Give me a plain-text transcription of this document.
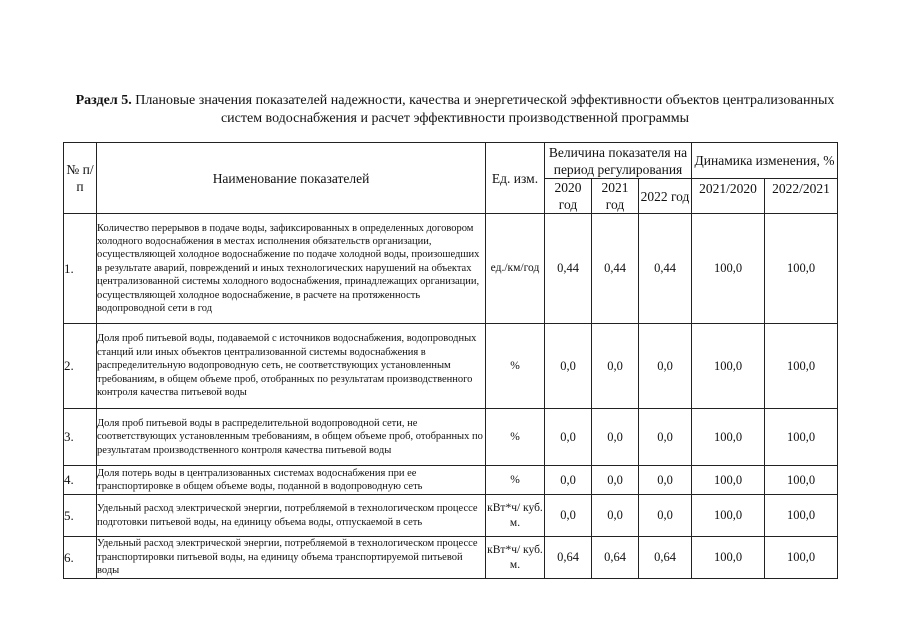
Раздел 5. Плановые значения показателей надежности, качества и энергетической эффективности объектов централизованных систем водоснабжения и расчет эффективности производственной программы
№ п/п	Наименование показателей	Ед. изм.	Величина показателя на период регулирования			Динамика изменения, %	
			2020 год	2021 год	2022 год	2021/2020	2022/2021
1.	Количество перерывов в подаче воды, зафиксированных в определенных договором холодного водоснабжения в местах исполнения обязательств организации, осуществляющей холодное водоснабжение по подаче холодной воды, произошедших в результате аварий, повреждений и иных технологических нарушений на объектах централизованной системы холодного водоснабжения, принадлежащих организации, осуществляющей холодное водоснабжение, в расчете на протяженность водопроводной сети в год	ед./км/год	0,44	0,44	0,44	100,0	100,0
2.	Доля проб питьевой воды, подаваемой с источников водоснабжения, водопроводных станций или иных объектов централизованной системы водоснабжения в распределительную водопроводную сеть, не соответствующих установленным требованиям, в общем объеме проб, отобранных по результатам производственного контроля качества питьевой воды	%	0,0	0,0	0,0	100,0	100,0
3.	Доля проб питьевой воды в распределительной водопроводной сети, не соответствующих установленным требованиям, в общем объеме проб, отобранных по результатам производственного контроля качества питьевой воды	%	0,0	0,0	0,0	100,0	100,0
4.	Доля потерь воды в централизованных системах водоснабжения при ее транспортировке в общем объеме воды, поданной в водопроводную сеть	%	0,0	0,0	0,0	100,0	100,0
5.	Удельный расход электрической энергии, потребляемой в технологическом процессе подготовки питьевой воды, на единицу объема воды, отпускаемой в сеть	кВт*ч/ куб. м.	0,0	0,0	0,0	100,0	100,0
6.	Удельный расход электрической энергии, потребляемой в технологическом процессе транспортировки питьевой воды, на единицу объема транспортируемой питьевой воды	кВт*ч/ куб. м.	0,64	0,64	0,64	100,0	100,0
